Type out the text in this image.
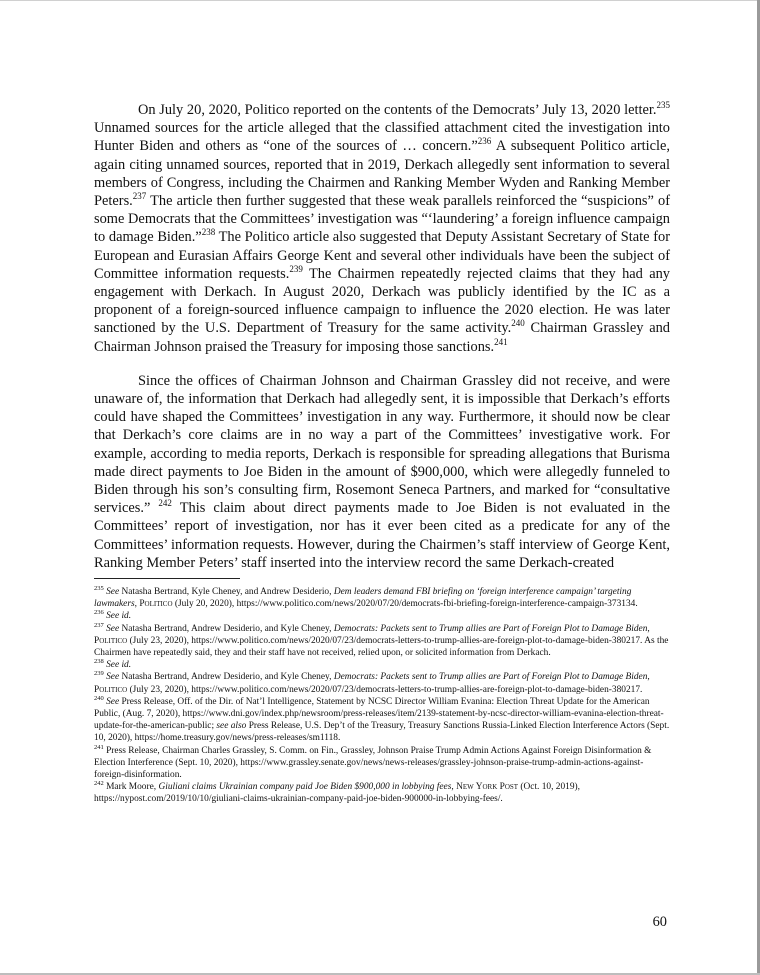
On July 20, 2020, Politico reported on the contents of the Democrats’ July 13, 2020 letter.$^{235}$ Unnamed sources for the article alleged that the classified attachment cited the investigation into Hunter Biden and others as “one of the sources of … concern.”$^{236}$ A subsequent Politico article, again citing unnamed sources, reported that in 2019, Derkach allegedly sent information to several members of Congress, including the Chairmen and Ranking Member Wyden and Ranking Member Peters.$^{237}$ The article then further suggested that these weak parallels reinforced the “suspicions” of some Democrats that the Committees’ investigation was “‘laundering’ a foreign influence campaign to damage Biden.”$^{238}$ The Politico article also suggested that Deputy Assistant Secretary of State for European and Eurasian Affairs George Kent and several other individuals have been the subject of Committee information requests.$^{239}$ The Chairmen repeatedly rejected claims that they had any engagement with Derkach. In August 2020, Derkach was publicly identified by the IC as a proponent of a foreign-sourced influence campaign to influence the 2020 election. He was later sanctioned by the U.S. Department of Treasury for the same activity.$^{240}$ Chairman Grassley and Chairman Johnson praised the Treasury for imposing those sanctions.$^{241}$

Since the offices of Chairman Johnson and Chairman Grassley did not receive, and were unaware of, the information that Derkach had allegedly sent, it is impossible that Derkach’s efforts could have shaped the Committees’ investigation in any way. Furthermore, it should now be clear that Derkach’s core claims are in no way a part of the Committees’ investigative work. For example, according to media reports, Derkach is responsible for spreading allegations that Burisma made direct payments to Joe Biden in the amount of $900,000, which were allegedly funneled to Biden through his son’s consulting firm, Rosemont Seneca Partners, and marked for “consultative services.” $^{242}$ This claim about direct payments made to Joe Biden is not evaluated in the Committees’ report of investigation, nor has it ever been cited as a predicate for any of the Committees’ information requests. However, during the Chairmen’s staff interview of George Kent, Ranking Member Peters’ staff inserted into the interview record the same Derkach-created

$^{235}$ See Natasha Bertrand, Kyle Cheney, and Andrew Desiderio, Dem leaders demand FBI briefing on ‘foreign interference campaign’ targeting lawmakers, Politico (July 20, 2020), https://www.politico.com/news/2020/07/20/democrats-fbi-briefing-foreign-interference-campaign-373134.

$^{236}$ See id.

$^{237}$ See Natasha Bertrand, Andrew Desiderio, and Kyle Cheney, Democrats: Packets sent to Trump allies are Part of Foreign Plot to Damage Biden, Politico (July 23, 2020), https://www.politico.com/news/2020/07/23/democrats-letters-to-trump-allies-are-foreign-plot-to-damage-biden-380217. As the Chairmen have repeatedly said, they and their staff have not received, relied upon, or solicited information from Derkach.

$^{238}$ See id.

$^{239}$ See Natasha Bertrand, Andrew Desiderio, and Kyle Cheney, Democrats: Packets sent to Trump allies are Part of Foreign Plot to Damage Biden, Politico (July 23, 2020), https://www.politico.com/news/2020/07/23/democrats-letters-to-trump-allies-are-foreign-plot-to-damage-biden-380217.

$^{240}$ See Press Release, Off. of the Dir. of Nat’l Intelligence, Statement by NCSC Director William Evanina: Election Threat Update for the American Public, (Aug. 7, 2020), https://www.dni.gov/index.php/newsroom/press-releases/item/2139-statement-by-ncsc-director-william-evanina-election-threat-update-for-the-american-public; see also Press Release, U.S. Dep’t of the Treasury, Treasury Sanctions Russia-Linked Election Interference Actors (Sept. 10, 2020), https://home.treasury.gov/news/press-releases/sm1118.

$^{241}$ Press Release, Chairman Charles Grassley, S. Comm. on Fin., Grassley, Johnson Praise Trump Admin Actions Against Foreign Disinformation & Election Interference (Sept. 10, 2020), https://www.grassley.senate.gov/news/news-releases/grassley-johnson-praise-trump-admin-actions-against-foreign-disinformation.

$^{242}$ Mark Moore, Giuliani claims Ukrainian company paid Joe Biden $900,000 in lobbying fees, New York Post (Oct. 10, 2019), https://nypost.com/2019/10/10/giuliani-claims-ukrainian-company-paid-joe-biden-900000-in-lobbying-fees/.

60
